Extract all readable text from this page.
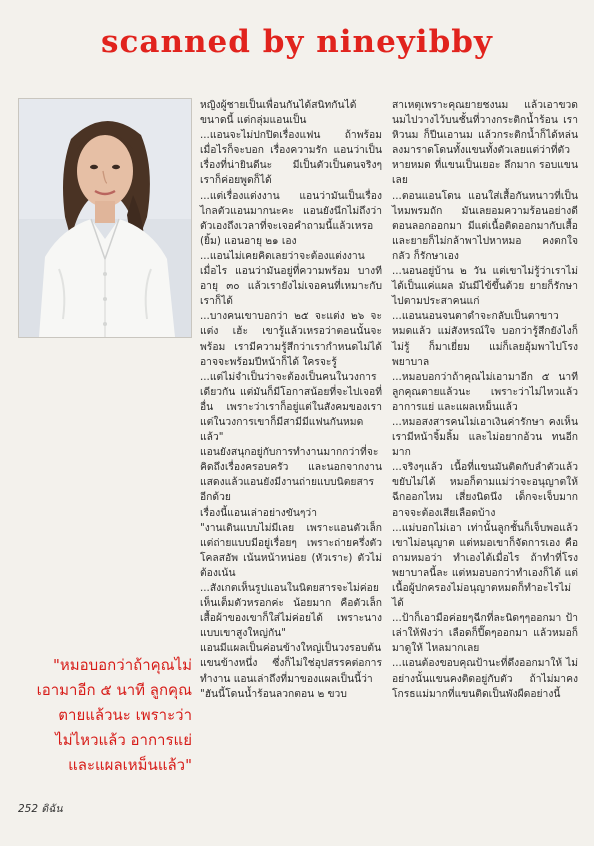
scanned by nineyibby

หญิงผู้ชายเป็นเพื่อนกันได้สนิทกันได้ขนาดนี้ แต่กลุ่มแอนเป็น

...แอนจะไม่ปกปิดเรื่องแฟน ถ้าพร้อมเมื่อไรก็จะบอก เรื่องความรัก แอนว่าเป็นเรื่องที่น่ายินดีนะ มีเป็นตัวเป็นตนจริงๆ เราก็ค่อยพูดก็ได้

...แต่เรื่องแต่งงาน แอนว่ามันเป็นเรื่องไกลตัวแอนมากนะคะ แอนยังนึกไม่ถึงว่าตัวเองถึงเวลาที่จะเจอคำถามนี้แล้วเหรอ (ยิ้ม) แอนอายุ ๒๑ เอง

...แอนไม่เคยคิดเลยว่าจะต้องแต่งงานเมื่อไร แอนว่ามันอยู่ที่ความพร้อม บางทีอายุ ๓๐ แล้วเรายังไม่เจอคนที่เหมาะกับเราก็ได้

...บางคนเขาบอกว่า ๒๕ จะแต่ง ๒๖ จะแต่ง เฮ้ะ เขารู้แล้วเหรอว่าตอนนั้นจะพร้อม เรามีความรู้สึกว่าเรากำหนดไม่ได้ อาจจะพร้อมปีหน้าก็ได้ ใครจะรู้

...แต่ไม่จำเป็นว่าจะต้องเป็นคนในวงการเดียวกัน แต่มันก็มีโอกาสน้อยที่จะไปเจอที่อื่น เพราะว่าเราก็อยู่แต่ในสังคมของเรา แต่ในวงการเขาก็มีสามีมีแฟนกันหมดแล้ว"

แอนยังสนุกอยู่กับการทำงานมากกว่าที่จะคิดถึงเรื่องครอบครัว และนอกจากงานแสดงแล้วแอนยังมีงานถ่ายแบบนิตยสารอีกด้วย

เรื่องนี้แอนเล่าอย่างขันๆว่า

"งานเดินแบบไม่มีเลย เพราะแอนตัวเล็ก แต่ถ่ายแบบมีอยู่เรื่อยๆ เพราะถ่ายครึ่งตัว โคลสอัพ เน้นหน้าหน่อย (หัวเราะ) ตัวไม่ต้องเน้น

...สังเกตเห็นรูปแอนในนิตยสารจะไม่ค่อยเห็นเต็มตัวหรอกค่ะ น้อยมาก คือตัวเล็ก เสื้อผ้าของเขาก็ใส่ไม่ค่อยได้ เพราะนางแบบเขาสูงใหญ่กัน"

แอนมีแผลเป็นค่อนข้างใหญ่เป็นวงรอบต้นแขนข้างหนึ่ง ซึ่งก็ไม่ใช่อุปสรรคต่อการทำงาน แอนเล่าถึงที่มาของแผลเป็นนี้ว่า

"ฮันนี้โดนน้ำร้อนลวกตอน ๒ ขวบ

สาเหตุเพราะคุณยายชงนม แล้วเอาขวดนมไปวางไว้บนชั้นที่วางกระติกน้ำร้อน เราหิวนม ก็ปีนเอานม แล้วกระติกน้ำก็ได้หล่นลงมาราดโดนทั้งแขนทั้งตัวเลยแต่ว่าที่ตัวหายหมด ที่แขนเป็นเยอะ ลึกมาก รอบแขนเลย

...ตอนแอนโดน แอนใส่เสื้อกันหนาวที่เป็นไหมพรมถัก มันเลยอมความร้อนอย่างดี ตอนลอกออกมา มีแต่เนื้อติดออกมากับเสื้อ และยายก็ไม่กล้าพาไปหาหมอ คงตกใจ กลัว ก็รักษาเอง

...นอนอยู่บ้าน ๒ วัน แต่เขาไม่รู้ว่าเราไม่ได้เป็นแค่แผล มันมีไข้ขึ้นด้วย ยายก็รักษาไปตามประสาคนแก่

...แอนนอนจนตาดำจะกลับเป็นตาขาวหมดแล้ว แม่สังหรณ์ใจ บอกว่ารู้สึกยังไงก็ไม่รู้ ก็มาเยี่ยม แม่ก็เลยอุ้มพาไปโรงพยาบาล

...หมอบอกว่าถ้าคุณไม่เอามาอีก ๕ นาที ลูกคุณตายแล้วนะ เพราะว่าไม่ไหวแล้ว อาการแย่ และแผลเหม็นแล้ว

...หมอสงสารคนไม่เอาเงินค่ารักษา คงเห็นเรามีหน้าจิ้มลิ้ม และไม่อยากอ้วน ทนอีกมาก

...จริงๆแล้ว เนื้อที่แขนมันติดกับลำตัวแล้ว ขยับไม่ได้ หมอก็ตามแม่ว่าจะอนุญาตให้ฉีกออกไหม เสี่ยงนิดนึง เด็กจะเจ็บมาก อาจจะต้องเสียเลือดบ้าง

...แม่บอกไม่เอา เท่านั้นลูกชั้นก็เจ็บพอแล้ว เขาไม่อนุญาต แต่หมอเขาก็จัดการเอง คือถามหมอว่า ทำเองได้เมื่อไร ถ้าทำที่โรงพยาบาลนี้ละ แต่หมอบอกว่าทำเองก็ได้ แต่เนื้อผู้ปกครองไม่อนุญาตหมดก็ทำอะไรไม่ได้

...ป้าก็เอามือค่อยๆฉีกที่ละนิดๆๆออกมา ป้าเล่าให้ฟังว่า เลือดก็ปี๊ดๆออกมา แล้วหมอก็มาดูให้ ไหลมากเลย

...แอนต้องขอบคุณป้านะที่ดึงออกมาให้ ไม่อย่างนั้นแขนคงติดอยู่กับตัว ถ้าไม่มาคงโกรธแม่มากที่แขนติดเป็นพังผืดอย่างนี้

"หมอบอกว่าถ้าคุณไม่
เอามาอีก ๕ นาที ลูกคุณ
ตายแล้วนะ เพราะว่า
ไม่ไหวแล้ว อาการแย่
และแผลเหม็นแล้ว"
252 ดิฉัน
